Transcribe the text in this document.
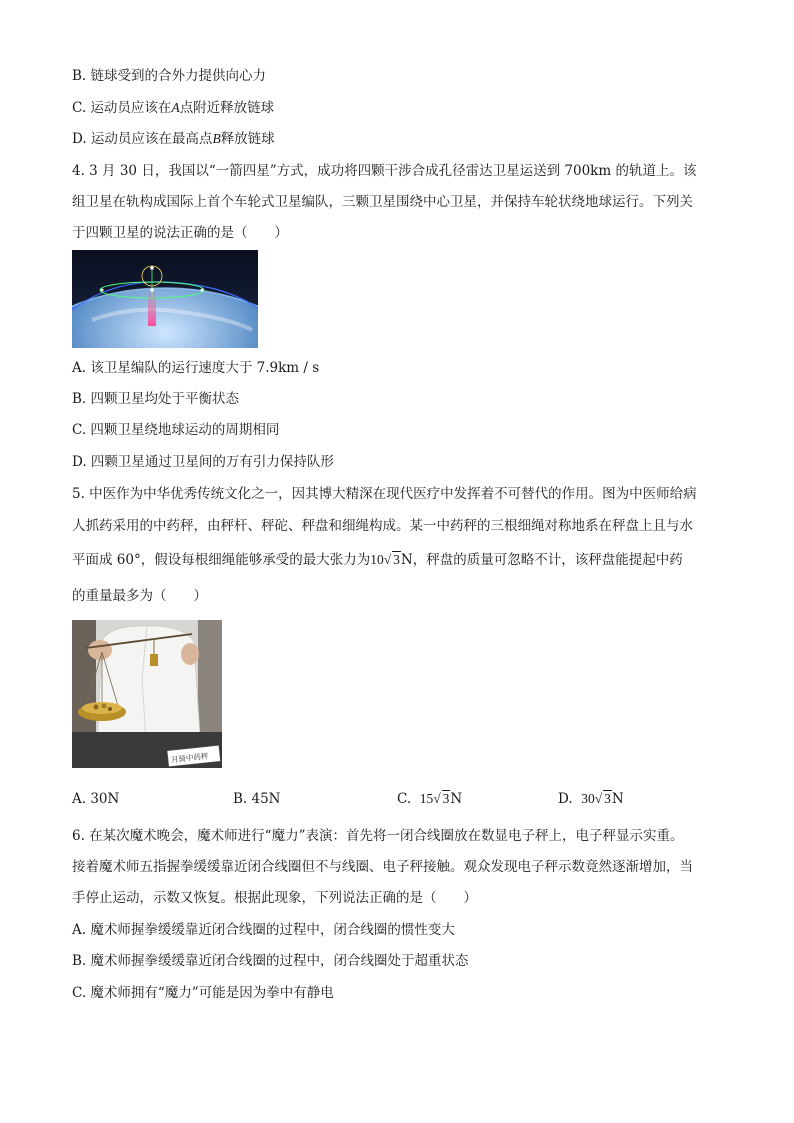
B. 链球受到的合外力提供向心力
C. 运动员应该在A点附近释放链球
D. 运动员应该在最高点B释放链球
4. 3 月 30 日，我国以“一箭四星”方式，成功将四颗干涉合成孔径雷达卫星运送到 700km 的轨道上。该
组卫星在轨构成国际上首个车轮式卫星编队，三颗卫星围绕中心卫星，并保持车轮状绕地球运行。下列关
于四颗卫星的说法正确的是（　　）
A. 该卫星编队的运行速度大于 7.9km / s
B. 四颗卫星均处于平衡状态
C. 四颗卫星绕地球运动的周期相同
D. 四颗卫星通过卫星间的万有引力保持队形
5. 中医作为中华优秀传统文化之一，因其博大精深在现代医疗中发挥着不可替代的作用。图为中医师给病
人抓药采用的中药秤，由秤杆、秤砣、秤盘和细绳构成。某一中药秤的三根细绳对称地系在秤盘上且与水
平面成 60°，假设每根细绳能够承受的最大张力为10√ 3N，秤盘的质量可忽略不计，该秤盘能提起中药
的重量最多为（　　）
月骑中药秤
A. 30N	B. 45N	C. 15√ 3N	D. 30√ 3N
6. 在某次魔术晚会，魔术师进行“魔力”表演：首先将一闭合线圈放在数显电子秤上，电子秤显示实重。
接着魔术师五指握拳缓缓靠近闭合线圈但不与线圈、电子秤接触。观众发现电子秤示数竟然逐渐增加，当
手停止运动，示数又恢复。根据此现象，下列说法正确的是（　　）
A. 魔术师握拳缓缓靠近闭合线圈的过程中，闭合线圈的惯性变大
B. 魔术师握拳缓缓靠近闭合线圈的过程中，闭合线圈处于超重状态
C. 魔术师拥有“魔力”可能是因为拳中有静电
